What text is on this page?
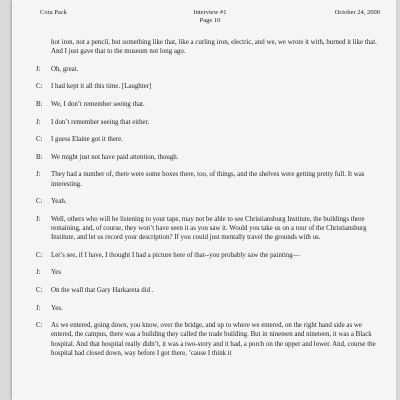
Cora Pack	Interview #1
Page 10
October 24, 2000

hot iron, not a pencil, but something like that, like a curling iron, electric, and we, we wrote it with, burned it like that. And I just gave that to the museum not long ago.

J: Oh, great.

C: I had kept it all this time. [Laughter]

B: We, I don’t remember seeing that.

J: I don’t remember seeing that either.

C: I guess Elaine got it there.

B: We might just not have paid attention, though.

J: They had a number of, there were some boxes there, too, of things, and the shelves were getting pretty full. It was interesting.

C: Yeah.

J: Well, others who will be listening to your tape, may not be able to see Christiansburg Institute, the buildings there remaining, and, of course, they won’t have seen it as you saw it. Would you take us on a tour of the Christiansburg Institute, and let us record your description? If you could just mentally travel the grounds with us.

C: Let’s see, if I have, I thought I had a picture here of that--you probably saw the painting—

J: Yes

C: On the wall that Gary Harkareta did .

J: Yes.

C: As we entered, going down, you know, over the bridge, and up to where we entered, on the right hand side as we entered, the campus, there was a building they called the trade building. But in nineteen and nineteen, it was a Black hospital. And that hospital really didn’t, it was a two-story and it had, a porch on the upper and lower. And, course the hospital had closed down, way before I got there, ’cause I think it
